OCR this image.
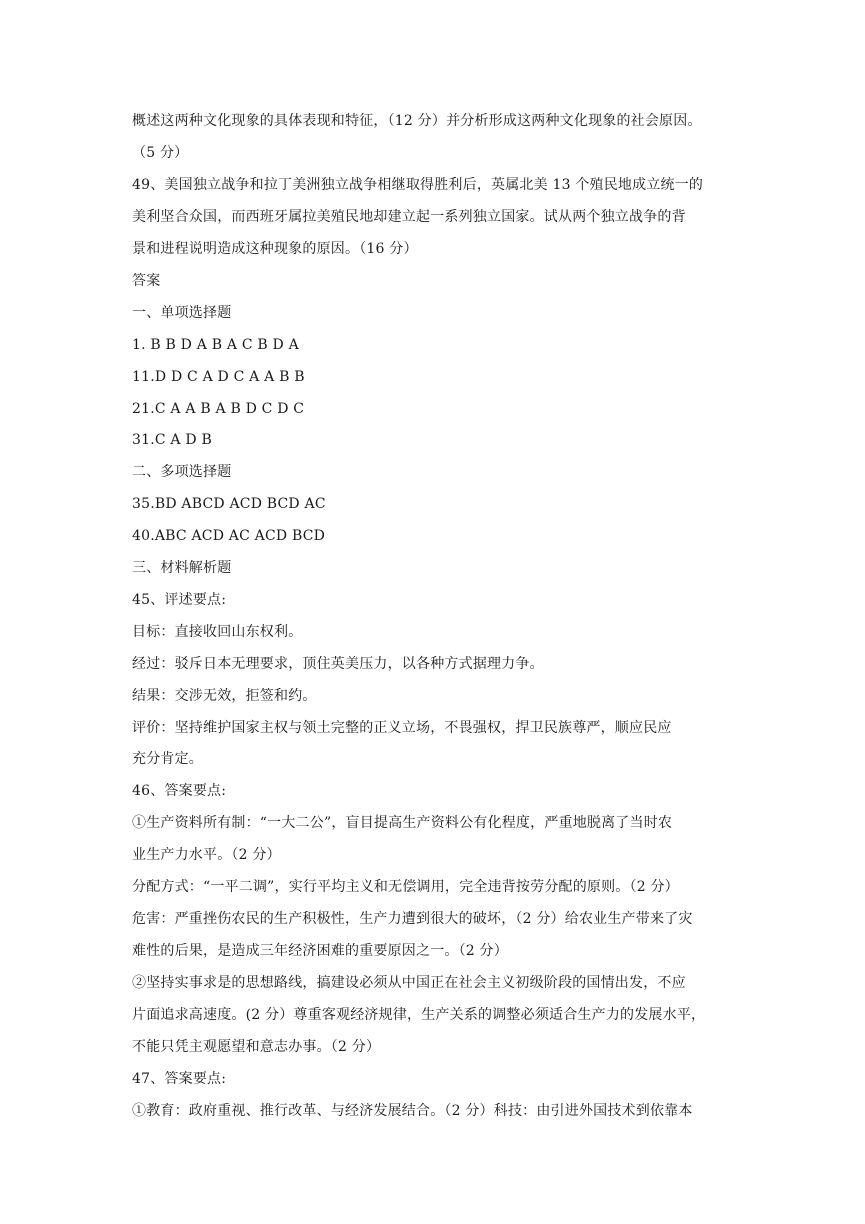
概述这两种文化现象的具体表现和特征，（12 分）并分析形成这两种文化现象的社会原因。
（5 分）
49、美国独立战争和拉丁美洲独立战争相继取得胜利后，英属北美 13 个殖民地成立统一的
美利坚合众国，而西班牙属拉美殖民地却建立起一系列独立国家。试从两个独立战争的背
景和进程说明造成这种现象的原因。（16 分）
答案
一、单项选择题
1. B B D A B A C B D A
11.D D C A D C A A B B
21.C A A B A B D C D C
31.C A D B
二、多项选择题
35.BD ABCD ACD BCD AC
40.ABC ACD AC ACD BCD
三、材料解析题
45、评述要点:
目标：直接收回山东权利。
经过：驳斥日本无理要求，顶住英美压力，以各种方式据理力争。
结果：交涉无效，拒签和约。
评价：坚持维护国家主权与领土完整的正义立场，不畏强权，捍卫民族尊严，顺应民应
充分肯定。
46、答案要点:
①生产资料所有制：“一大二公”，盲目提高生产资料公有化程度，严重地脱离了当时农
业生产力水平。（2 分）
分配方式：“一平二调”，实行平均主义和无偿调用，完全违背按劳分配的原则。（2 分）
危害：严重挫伤农民的生产积极性，生产力遭到很大的破坏，（2 分）给农业生产带来了灾
难性的后果，是造成三年经济困难的重要原因之一。（2 分）
②坚持实事求是的思想路线，搞建设必须从中国正在社会主义初级阶段的国情出发，不应
片面追求高速度。(2 分）尊重客观经济规律，生产关系的调整必须适合生产力的发展水平，
不能只凭主观愿望和意志办事。（2 分）
47、答案要点:
①教育：政府重视、推行改革、与经济发展结合。（2 分）科技：由引进外国技术到依靠本
